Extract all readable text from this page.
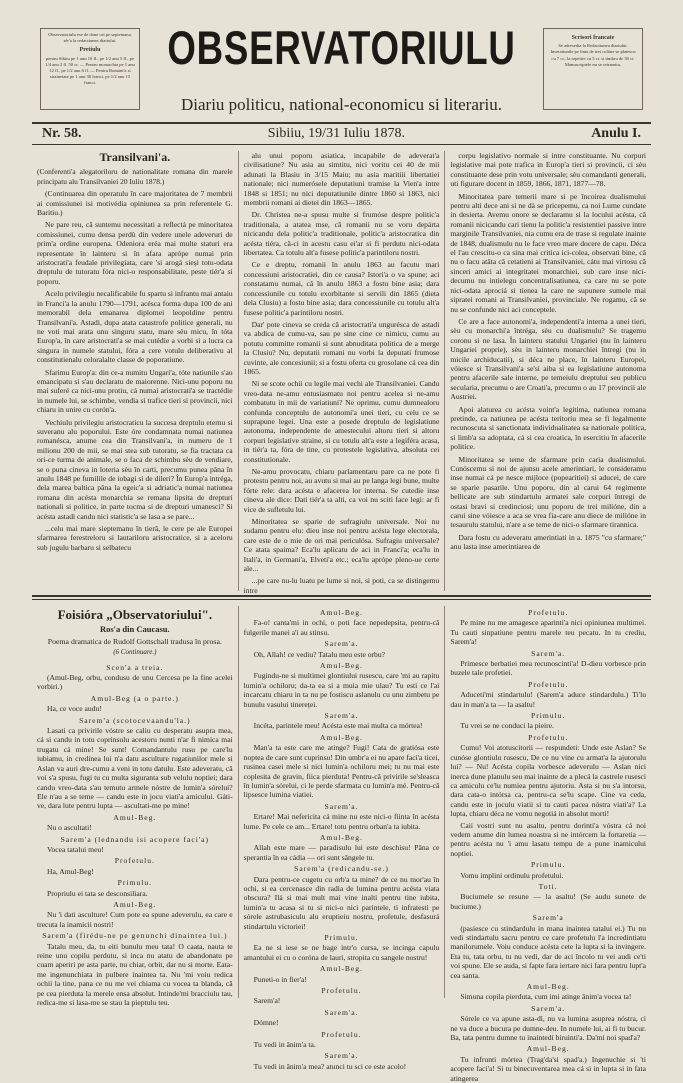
Observatoriulu ese de done ori pe septemana, sêr'a la redactiunea diariului.
Pretiulu
pentru Sibiiu pe 1 anu 10 fl., pe 1/2 anu 5 fl., pe 1/4 anu 2 fl. 50 cr. — Pentru monarchia pe 1 anu 12 fl., pe 1/2 anu 6 fl. — Pentru Romani'a si strainetate pe 1 anu 30 franci, pe 1/2 anu 15 franci.
OBSERVATORIULU
Diariu politicu, national-economicu si literariu.
Scrisori francate
Se adresedia la Redactiunea diariului. Inseratiunile pe linia de trei colóne se platescu cu 7 cr., la repetire cu 5 cr. si timbru de 30 cr. Manuscriptele nu se retramitu.
Nr. 58.	Sibiiu, 19/31 Iuliu 1878.	Anulu I.
Transilvani'a.

(Conferenti'a alegatoriloru de nationalitate romana din marele principatu alu Transilvaniei 20 Iuliu 1878.)

(Continuarea din operatulu în care majoritatea de 7 membrii ai comissiunei isi motivédia opiniunea sa prin referentele G. Baritiu.)

Ne pare reu, că suntemu necessitati a reflectá pe minoritatea comissiunei, cumu densa perdù din vedere unele adeveruri de prim'a ordine europena. Odeniora eréa mai multe staturi era representate în lainteru si în afara aprópe numai prin aristocrati'a feudale privilegiata, care 'si arogá sieși totu-odata dreptulu de tutoratu fóra nici-o responsabilitate, peste tiér'a si poporu.

Acelu privilegiu necalificabile fu spartu si infrantu mai antaiu in Franci'a la anulu 1790—1791, acésca forma dupa 100 de ani memorabil dela emanarea diplomei leopoldine pentru Transilvani'a. Astadi, dupa atata catastrofe politice generali, nu ne voti mai arata unu singuru statu, mare sèu micu, în tóta Europ'a, în care aristocrati'a se mai cutédie a vorbi si a lucra ca singura in numele statului, fóra a cere votulu deliberativu al constitutienalu celoralalte classe de poporatiune.

Sfarimu Europ'a: din ce-a numitu Ungari'a, tóte natiunile s'au emancipatu si s'au declaratu de maiorenne. Nici-unu poporu nu mai suferé ca nici-unu protiu, cá numai aristocrati'a se tractédie in numele lui, se schimbe, vendia si trafice tieri si provincii, nici chiaru in unire cu corón'a.

Vechiulu privilegiu aristocraticu la succesa dreptulu eternu si suveranu alu poporului. Este óre condamnata numai natiunea romanésca, anume cea din Transilvani'a, in numeru de 1 milionu 200 de mii, se mai stea sub tutoratu, se fia tractata ca ori-ce turma de animale, se o faca de schimbu sèu de vendiare, se o puna cineva in loteria sèu în carti, precumu punea pâna în anulu 1848 pe fumilile de iobagi si de dileri? În Europ'a intréga, dela marea baltica pâna la egeic'a si adriatic'a numai natiunea romana din acésta monarchia se remana lipsita de drepturi nationali si politice, in parte tocma si de drepturi umanesci? Si acésta astadi candu nici statistic'a se lasa a se pare...

...celu mai mare sieptemanu în tieră, le cere pe ale Europei sfarmarea ferestreloru si lautariloru aristocratice, si a aceloru sub jugulu barbaru si selbatecu

alu unui poporu asiatica, incapabile de adeverat'a civilisatiune? Nu asia au simtitu, nici voritu cei 40 de mii adunati la Blasiu in 3/15 Maiu; nu asia maritiii libertatiei nationale; nici numerósele deputatiuni tramise la Vien'a intre 1848 si 1851; nu nici deputatiunile dintre 1860 si 1863, nici membrii romani ai dietei din 1863—1865.

Dr. Christea ne-a spusu multe si frumóse despre politic'a traditionala, a atatea mse, că romanii nu se voru depárta nicicandu dela politic'a traditionale, politic'a aristocratica din acésta tiéra, că-ci in acestu casu ei'ar si fi perdutu nici-odata libertatea. Ca totulu alt'a fusese politic'a parintiloru nostri.

Ce e dreptu, romanii în anulu 1863 au facutu mari concessiuni aristocratiei, din ce causa? Istori'a o va spune; aci constatamu numai, că în anulu 1863 a fostu bine asia; dara concessiunile cu totulu exorbitante si servili din 1865 (dieta dela Clusiu) a fostu bine asia; dara concessiunile cu totulu alt'a fusese politic'a parintiloru nostri.

Dar' pote cineva se creda că aristocrati'a ungurésca de astadi va abdica de cumu-va, sau pe sine cine ce nimicu, cumu au potutu committe romanii si sunt abnuditata politica de a merge la Clusiu? Nu, deputatii romani nu vorbi la deputati frumose cuvinte, ale concesiunii; si a fostu oferta cu grosolane cá cea din 1865.

Ni se scote ochii cu legile mai vechi ale Transilvaniei. Candu vreo-data ne-amu entusiasmatu noi pentru acelea si ne-amu combatutu in mii de variatiuni? Ne oprimu, cumu dumnealoru confunda conceptulu de autonomi'a unei tieri, cu celu ce se suprapune legei. Una este a posede dreptulu de legislatiune autonoma, independente de amestecului altoru tieri si altoru corpuri legislative straine, si cu totulu alt'a este a legiféra acasa, in tiér'a ta, fóra de tine, cu protestele legislativa, absoluta cei constitutionale.

Ne-amu provocatu, chiaru parlamentaru pare ca ne pote fi protestu pentru noi, au avutu si mai au pe langa legi bune, multe fórte rele: dara acésta e afacerea lor interna. Se cutedie inse cineva ale dice: Dati tiér'a ta alti, ca voi nu sciti face legi: ar fi vice de sufletulu lui.

Minoritatea se sparie de sufragiulu universale. Noi nu sudamu pentru elu: dieu inse noi pentru acésta lege electorala, care este de o mie de ori mai periculósa. Sufragiu universale? Ce atata spaima? Eca'lu aplicatu de aci in Franci'a; eca'lu in Itali'a, in Germani'a, Elveti'a etc.; eca'lu aprópe pleno-ue certe ale...

...pe care nu-lu luatu pe lume si noi, si poti, ca se distingemu intre

corpu legislativo normale si intre constituante. Nu corpuri legislative mai pote trafica in Europ'a tieri si provincii, ci sèu constituante dese prin votu universale; sèu comandanti generali, uti figurare docent in 1859, 1866, 1871, 1877—78.

Minoritatea pare temerii mare si pe încoirea dualismului pentru alti dece ani si ne dà se pricepemu, ca noi Lume cundate in desierta. Avemu onore se declaramu si la locului acésta, că romanii nicicandu cari tienu la politic'a resistentiei passive intre marginile Transilvaniei, nia cumu era de trase si regulate inainte de 1848, dualismulu nu le face vreo mare docere de capu. Déca el l'au crescitu-o ca sina mai critica ici-colea, observati bine, că nu o facu atâta că cetatieni ai Transilvaniei, cátu mai virtosu că sinceri amici ai integritatei monarchiei, sub care inse nici-decumu nu intielegu concentralisatiunea, ca care nu se pote nici-odata aprociá si tienea la care ne supunere sumele mai sipratei romani ai Transilvaniei, provinciale. Ne rogamu, că se nu se confunde nici aci conceptele.

Ce are a face autonomi'a, independenti'a interna a unei tieri, sèu cu monarchi'a întréga, sèu cu dualismulu? Se tragemu coronu si ne lasa. În lainteru statului Ungariei (nu în lainteru Ungariei proprie), sèu in lainteru monarchiei întregi (nu in micile archiducatii), si déca ne place, în lainteru Europei, vóiesce si Transilvani'a se'si aiba si ea legislatiune autonoma pentru afacerile sale interne, pe temeiulu dreptului seu publicu secularia, precumu o are Croati'a, precumu o au 17 provincii ale Austriei.

Apoi alaturea cu acésta voint'a legitima, natiunea romana pretinde, ca natiunea pe acésta teritoriu mea se fi legalmente recunoscuta si sanctionata individualitatea sa nationale politica, si limb'a sa adoptata, cá si cea croatica, în esercitiu în afacerile politice.

Minoritatea se teme de sfarmare prin caria dualismului. Cunóscemu si noi de ajunsu acele amerintiari, le consideramu inse numai cá pe nesce mijloce (popearitiei) si aducei, de care se sparie pasarile. Unu poporu, din al carui 64 regimente bellicate are sub stindartulu armatei sale corpuri întregi de ostasi bravi si credinciosi; unu poporu de trei milióne, din a carui sine vóiesce a aca se vrea fia-care anu diece de milióne in tesaurulu statului, n'are a se teme de nici-o sfarmare tirannica.

Dara fostu cu adeveratu amerintiati in a. 1875 "cu sfarmare;" anu lasta inse amerintiarea de

Foisióra „Observatoriului".
Ros'a din Caucasu.
Poema dramatica de Rudolf Gottschall tradusa în prosa.
(6 Continuare.)
Scen'a a treia.

(Amul-Beg, orbu, condusu de unu Cercesa pe la fine acelei vorbiri.)

Amul-Beg (a o parte.)

Ha, ce voce audu!

Sarem'a (scotocevaandu'la.)

Lasati ca privirile vóstre se caliu cu desperatu asupra mea, cá si candu in totu coprinsulu acestoru nunti n'ar fi nimica mai trugatu cá mine! Se sunt! Comandantulu rusu pe care'lu iubiamu, in credinea lui n'a datu asculture rugatiunilor mele si Aslan va auri dre-cumu a veni in totu datulu. Este adeveratu, că voi s'a spusu, fugi tu cu multa siguranta sub velulu noptiei; dara candu vreo-data s'au temutu armele nóstre de lumin'a sórelui? Ele n'au a se teme — candu este in jocu viati'a amicului. Gáti-ve, dara lute pentru lupta — ascultati-me pe mine!

Amul-Beg.

Nu o ascultati!

Sarem'a (lednandu isi acopere faci'a)

Vocea tatalui meu!

Profetulu.

Ha, Amul-Beg!

Primulu.

Propriulu ei tata se desconsiliara.

Amul-Beg.

Nu 'i dati asculture! Cum pote ea spune adeverulu, ea care e trecuta la inamicii nostri!

Sarem'a (firédu-ne pe genunchi dinaintea lui.)

Tatalu meu, da, tu eiti bunulu meu tata! O caata, nauta te reine unu copilu perdutu, si inca nu atatu de abandonatu pe cuam aperiri pe asta parte, nu chiar, orbit, dar nu si morte. Eata-me ingenunchiata in pulbere inaintea ta. Nu 'mi voiu redica ochii la tine, pana ce nu me vei chiama cu vocea ta blanda, că pe cea pierduta la merele ensa absolut. Intinde'mi bracciulu tau, redica-me si lasa-me se stau la pieptulu teu.

Amul-Beg.

Fa-o! canta'mi in ochi, o poti face nepedepsita, pentru-că fulgerile manei a'i au stinsu.

Sarem'a.

Oh, Allah! ce vediu? Tatalu meu este orbu?

Amul-Beg.

Fugindu-ne si multimei glontiului rusescu, care 'mi au rapitu lumin'a ochiloru; da-ta ea si a muia mie ulau? Tu esti ce l'ai incarcatu chiaru in ta nu pe fostiscu aslanulu cu unu zimbetu pe bunulu vasului tinereței.

Sarem'a.

Incéta, parintele meu! Acésta este mai multa ca mórtea!

Amul-Beg.

Man'a ta este care me atinge? Fugi! Cata de gratiósa este noptea de care sunt cuprinsu! Din umbr'a ei nu apare faci'a ticei, rusinea casei mele si nici lumin'a ochiloru mei; tu nu mai este coplesita de gravin, fiica pierduta! Pentru-că privirile se'sleasca în lumin'a sórelui, ci le perde sfarmata cu lumin'a mé. Pentru-că lipsesce lumina viatiei.

Sarem'a.

Ertare! Mai nefericita cá mine nu este nici-o fiinta în acésta lume. Pe cele ce am... Ertare! totu pentru orban'a ta iubita.

Amul-Beg.

Allah este mare — paradisulu lui este deschisu! Pâna ce sperantia în ea cádia — ori sunt sângele tu.

Sarem'a (redicandu-se.)

Dara pentru-ce cugetu cu orb'a ta mine? de ce nu mor'au în ochi, si ea cercenasce din radia de lumina pentru acésta viata obscura? Ilá si mai mult mai vine inalti pentru tine iubita, lumin'a tu acasa si tu si nici-o nici parintele, ti infratesti pe sórele astrubasiculu alu eruptieiu nostru, profetule, desfasurá stindartulu victoriei!

Primulu.

Ea ne si iese se ne bage intr'o cursa, se incinga capulu amantului ei cu o coróna de lauri, stropita cu sangele nostru!

Amul-Beg.

Puneti-o in fier'a!

Profetulu.

Sarem'a!

Sarem'a.

Dómne!

Profetulu.

Tu vedi in ânim'a ta.

Sarem'a.

Tu vedi in ânim'a mea? atunci tu sci ce este acolo!

Profetulu.

Pe mine nu me amagesce aparinti'a nici opiniunea multimei. Tu cauti sinpatiune pentru marele teu pecatu. In tu crediu, Sarem'a!

Sarem'a.

Primesce berbatiei mea recunoscinti'a! D-dieu vorbesce prin buzele tale profetiei.

Profetulu.

Aduceti'mi stindartulu! (Sarem'a aduce stindardulu.) Ti'lu dau in man'a ta — la asaltu!

Primulu.

Tu vrei se ne conduci la pieire.

Profetulu.

Cumu! Voi atotuscitorii — respundeti: Unde este Aslan? Se cunóse glontiulu rusescu, De ce nu vine cu armat'a la ajutorulu lui? — Nu! Acésta copila vorbesce adeverulu — Aslan nici inerca dune planulu seu mai inainte de a plecá la castrele rusesci ca amiculu ce'lu numiea pentru ajutoriu. Asta si nu s'a intorsu, dara cata-o intórsa ca, pentru-ca se'lu scape. Cine va ceda, candu este in joculu viatii si tu cauti pacea nóstra viati'a? La lupta, chiaru déca ne vomu negotiá in absolut morti!

Caii vostri sunt nu asaltu, pentru dorinti'a vóstra cá noi vedem anume din lumea noastra si ne intórcem la fortaretia — pentru acésta nu 'i amu lasatu tempu de a pune inamicului noptiei.

Primulu.

Vomu implini ordinulu profetului.

Toti.

Buciumele se resune — la asaltu! (Se audu sunete de buciume.)

Sarem'a

(pasiesce cu stindardulu in mana inaintea tatalui ei.) Tu nu vedi stindartulu sacru pentru ce care profetulu l'a incredintiatu manilorumele. Voiu conduce acésta cete la lupta si la invingere. Eta tu, tata orbu, tu nu vedi, dar de aci încolo tu vei audi ce'ti voi spune. Ele se auda, si fapte fara iertare nici fara pentru lupt'a cea santa.

Amul-Beg.

Simuna copila pierduta, cum imi atinge ânim'a vocea ta!

Sarem'a.

Sórele ce va apune asta-dì, nu va lumina asuprea nóstra, ci ne va duce a bucura pe dumne-deu. In numele lui, ai fi tu bucur. Ba, tata pentru dumne tu inaintedí biruinti'a. Da'mi noi spad'a?

Amul-Beg.

Tu infrunti mórtea (Trag'da'si spad'a.) Ingenuchie si 'ti acopere faci'a! Si tu binecuventarea mea cá si in lupta si in fata atingerea
